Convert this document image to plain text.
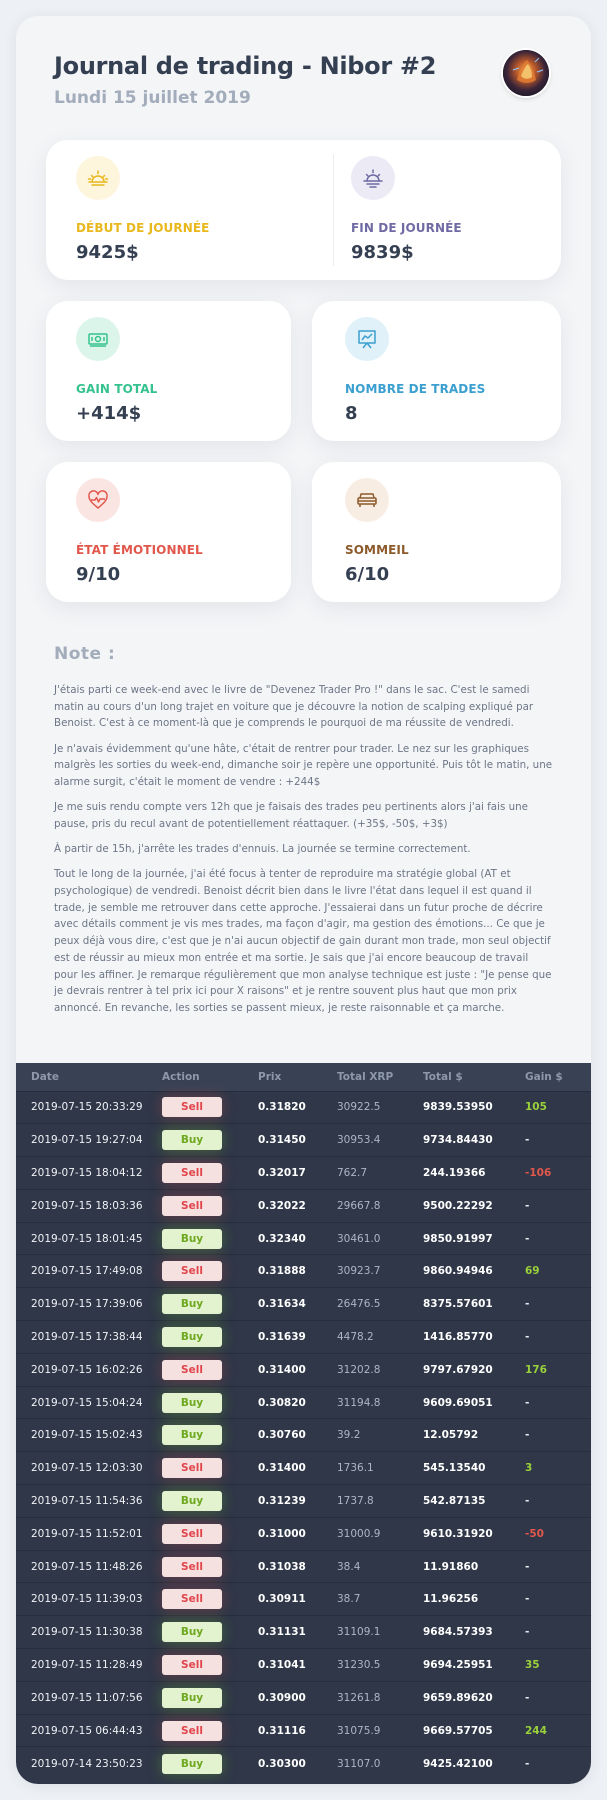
Journal de trading - Nibor #2
Lundi 15 juillet 2019
DÉBUT DE JOURNÉE
9425$
FIN DE JOURNÉE
9839$
GAIN TOTAL
+414$
NOMBRE DE TRADES
8
ÉTAT ÉMOTIONNEL
9/10
SOMMEIL
6/10
Note :

J'étais parti ce week-end avec le livre de "Devenez Trader Pro !" dans le sac. C'est le samedi matin au cours d'un long trajet en voiture que je découvre la notion de scalping expliqué par Benoist. C'est à ce moment-là que je comprends le pourquoi de ma réussite de vendredi.

Je n'avais évidemment qu'une hâte, c'était de rentrer pour trader. Le nez sur les graphiques malgrès les sorties du week-end, dimanche soir je repère une opportunité. Puis tôt le matin, une alarme surgit, c'était le moment de vendre : +244$

Je me suis rendu compte vers 12h que je faisais des trades peu pertinents alors j'ai fais une pause, pris du recul avant de potentiellement réattaquer. (+35$, -50$, +3$)

À partir de 15h, j'arrête les trades d'ennuis. La journée se termine correctement.

Tout le long de la journée, j'ai été focus à tenter de reproduire ma stratégie global (AT et psychologique) de vendredi. Benoist décrit bien dans le livre l'état dans lequel il est quand il trade, je semble me retrouver dans cette approche. J'essaierai dans un futur proche de décrire avec détails comment je vis mes trades, ma façon d'agir, ma gestion des émotions... Ce que je peux déjà vous dire, c'est que je n'ai aucun objectif de gain durant mon trade, mon seul objectif est de réussir au mieux mon entrée et ma sortie. Je sais que j'ai encore beaucoup de travail pour les affiner. Je remarque régulièrement que mon analyse technique est juste : "Je pense que je devrais rentrer à tel prix ici pour X raisons" et je rentre souvent plus haut que mon prix annoncé. En revanche, les sorties se passent mieux, je reste raisonnable et ça marche.

Date	Action	Prix	Total XRP	Total $	Gain $
2019-07-15 20:33:29	Sell	0.31820	30922.5	9839.53950	105
2019-07-15 19:27:04	Buy	0.31450	30953.4	9734.84430	-
2019-07-15 18:04:12	Sell	0.32017	762.7	244.19366	-106
2019-07-15 18:03:36	Sell	0.32022	29667.8	9500.22292	-
2019-07-15 18:01:45	Buy	0.32340	30461.0	9850.91997	-
2019-07-15 17:49:08	Sell	0.31888	30923.7	9860.94946	69
2019-07-15 17:39:06	Buy	0.31634	26476.5	8375.57601	-
2019-07-15 17:38:44	Buy	0.31639	4478.2	1416.85770	-
2019-07-15 16:02:26	Sell	0.31400	31202.8	9797.67920	176
2019-07-15 15:04:24	Buy	0.30820	31194.8	9609.69051	-
2019-07-15 15:02:43	Buy	0.30760	39.2	12.05792	-
2019-07-15 12:03:30	Sell	0.31400	1736.1	545.13540	3
2019-07-15 11:54:36	Buy	0.31239	1737.8	542.87135	-
2019-07-15 11:52:01	Sell	0.31000	31000.9	9610.31920	-50
2019-07-15 11:48:26	Sell	0.31038	38.4	11.91860	-
2019-07-15 11:39:03	Sell	0.30911	38.7	11.96256	-
2019-07-15 11:30:38	Buy	0.31131	31109.1	9684.57393	-
2019-07-15 11:28:49	Sell	0.31041	31230.5	9694.25951	35
2019-07-15 11:07:56	Buy	0.30900	31261.8	9659.89620	-
2019-07-15 06:44:43	Sell	0.31116	31075.9	9669.57705	244
2019-07-14 23:50:23	Buy	0.30300	31107.0	9425.42100	-
